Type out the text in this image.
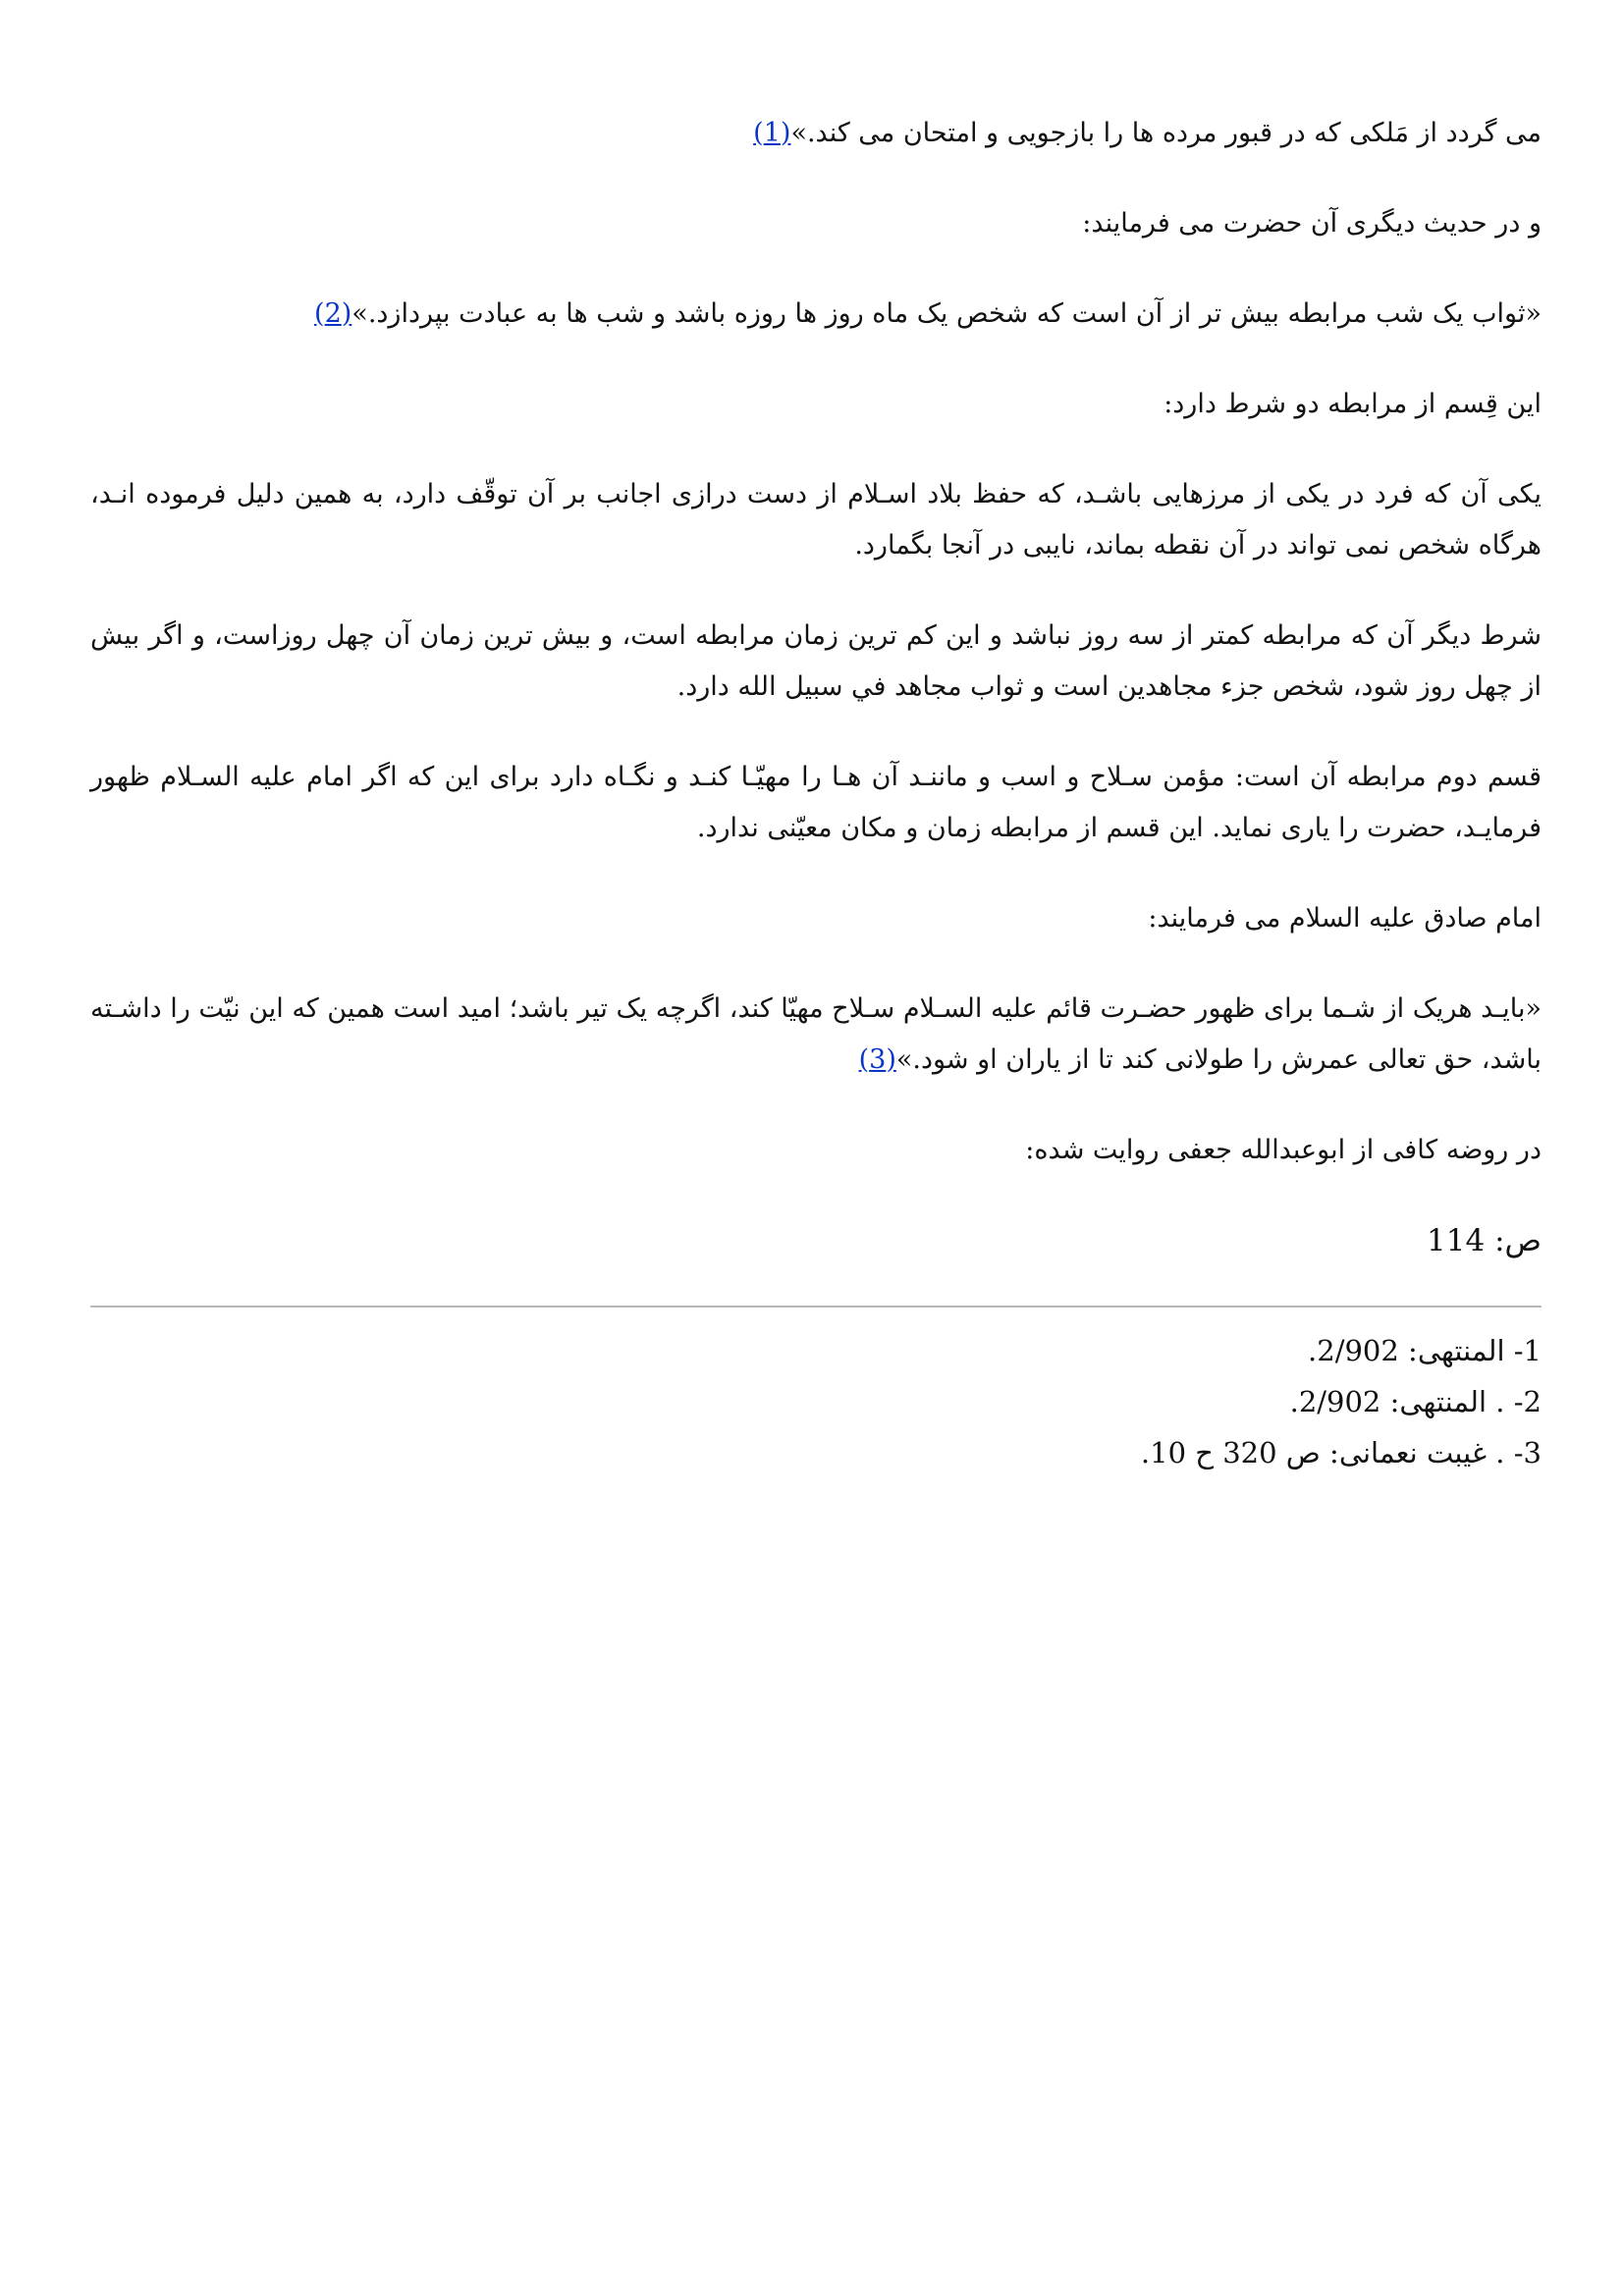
می گردد از مَلکی که در قبور مرده ها را بازجویی و امتحان می کند.»(1)

و در حدیث دیگری آن حضرت می فرمایند:

«ثواب یک شب مرابطه بیش تر از آن است که شخص یک ماه روز ها روزه باشد و شب ها به عبادت بپردازد.»(2)

این قِسم از مرابطه دو شرط دارد:

یکی آن که فرد در یکی از مرزهایی باشـد، که حفظ بلاد اسـلام از دست درازی اجانب بر آن توقّف دارد، به همین دلیل فرموده انـد، هرگاه شخص نمی تواند در آن نقطه بماند، نایبی در آنجا بگمارد.

شرط دیگر آن که مرابطه کمتر از سه روز نباشد و این کم ترین زمان مرابطه است، و بیش ترین زمان آن چهل روزاست، و اگر بیش از چهل روز شود، شخص جزء مجاهدین است و ثواب مجاهد في سبیل الله دارد.

قسم دوم مرابطه آن است: مؤمن سـلاح و اسب و ماننـد آن هـا را مهیّـا کنـد و نگـاه دارد برای این که اگر امام علیه السـلام ظهور فرمایـد، حضرت را یاری نماید. این قسم از مرابطه زمان و مکان معیّنی ندارد.

امام صادق علیه السلام می فرمایند:

«بایـد هریک از شـما برای ظهور حضـرت قائم علیه السـلام سـلاح مهیّا کند، اگرچه یک تیر باشد؛ امید است همین که این نیّت را داشـته باشد، حق تعالی عمرش را طولانی کند تا از یاران او شود.»(3)

در روضه کافی از ابوعبدالله جعفی روایت شده:

ص: 114

1- المنتهی: 2/902.
2- . المنتهی: 2/902.
3- . غیبت نعمانی: ص 320 ح 10.
